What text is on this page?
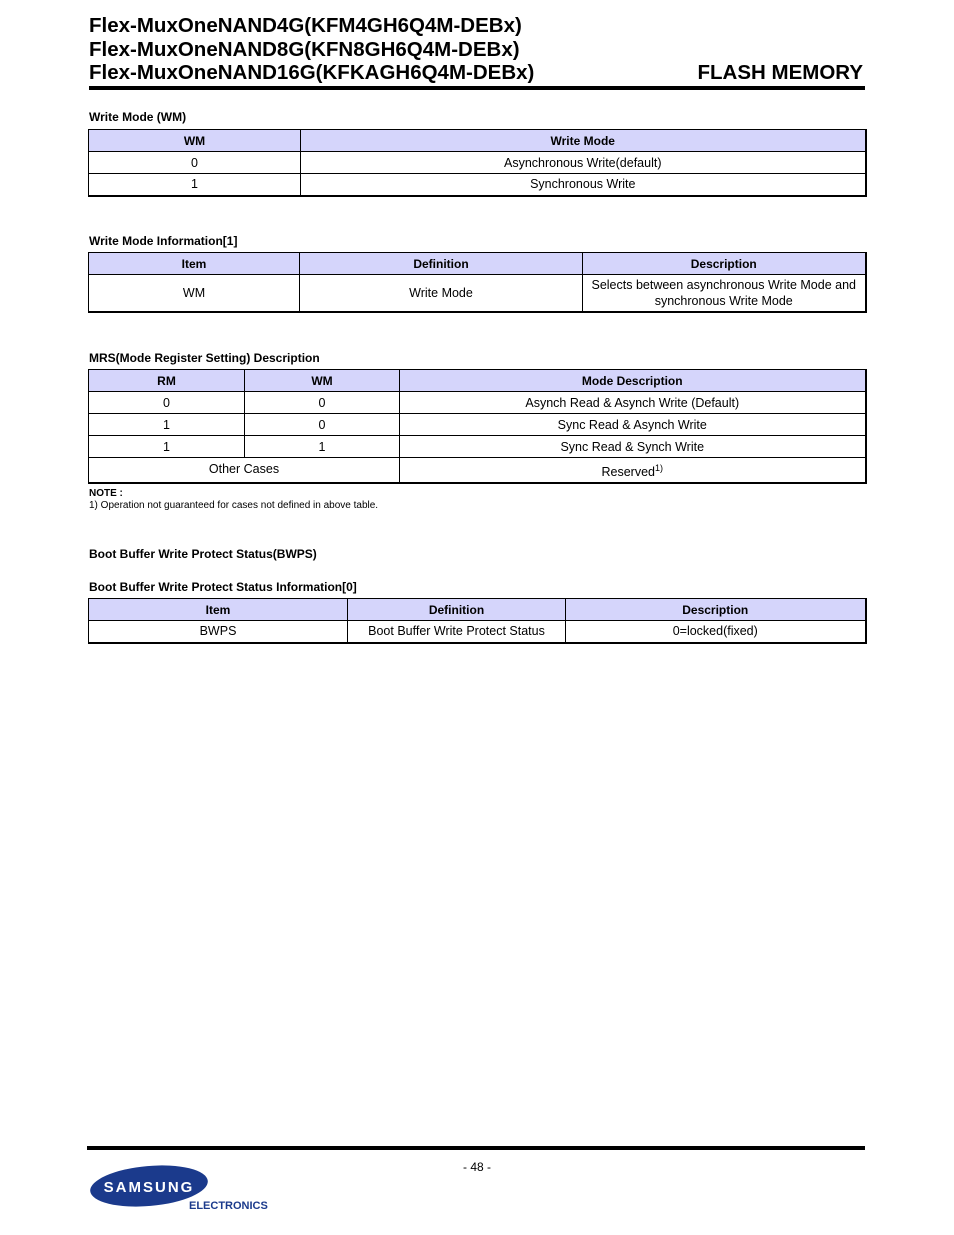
Flex-MuxOneNAND4G(KFM4GH6Q4M-DEBx)
Flex-MuxOneNAND8G(KFN8GH6Q4M-DEBx)
Flex-MuxOneNAND16G(KFKAGH6Q4M-DEBx)	FLASH MEMORY
Write Mode (WM)
WM	Write Mode
0	Asynchronous Write(default)
1	Synchronous Write
Write Mode Information[1]
Item	Definition	Description
WM	Write Mode	Selects between asynchronous Write Mode and synchronous Write Mode
MRS(Mode Register Setting) Description
RM	WM	Mode Description
0	0	Asynch Read & Asynch Write (Default)
1	0	Sync Read & Asynch Write
1	1	Sync Read & Synch Write
Other Cases		Reserved$^{1)}$
NOTE :
1) Operation not guaranteed for cases not defined in above table.
Boot Buffer Write Protect Status(BWPS)
Boot Buffer Write Protect Status Information[0]
Item	Definition	Description
BWPS	Boot Buffer Write Protect Status	0=locked(fixed)
- 48 -
SAMSUNG
ELECTRONICS
